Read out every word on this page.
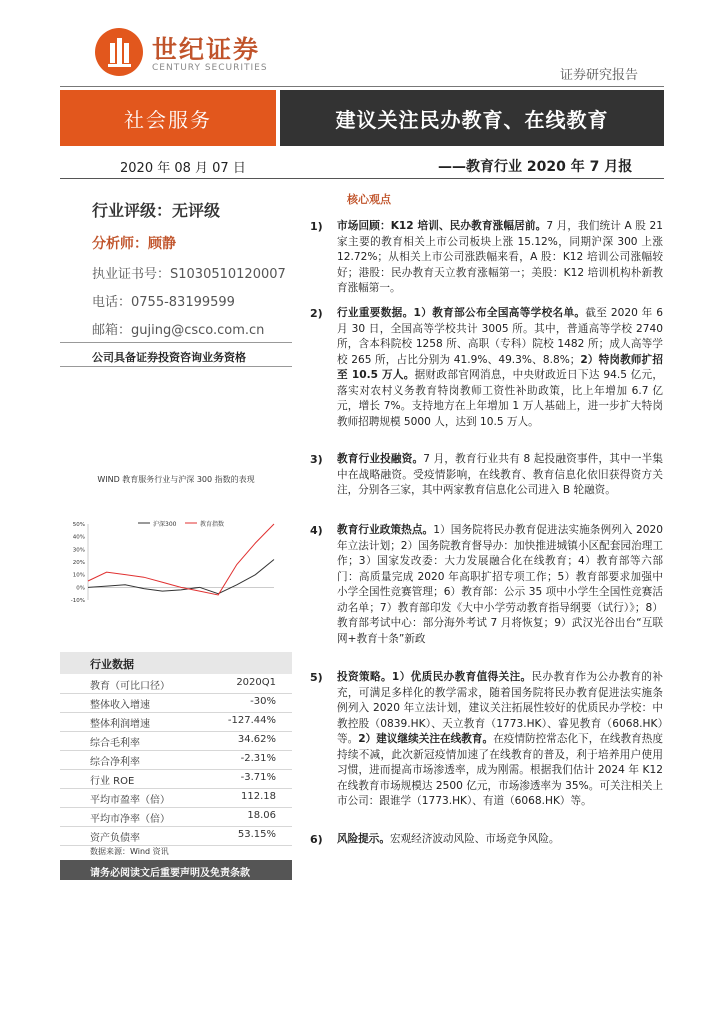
世纪证券
CENTURY SECURITIES	证券研究报告
社会服务	建议关注民办教育、在线教育
2020 年 08 月 07 日	——教育行业 2020 年 7 月报
行业评级：无评级
分析师：顾静
执业证书号：S1030510120007
电话：0755-83199599
邮箱：gujing@csco.com.cn
公司具备证券投资咨询业务资格
WIND 教育服务行业与沪深 300 指数的表现
50%
40%
30%
20%
10%
0%
-10%
沪深300	教育指数
行业数据
教育（可比口径）	2020Q1
整体收入增速	-30%
整体利润增速	-127.44%
综合毛利率	34.62%
综合净利率	-2.31%
行业 ROE	-3.71%
平均市盈率（倍）	112.18
平均市净率（倍）	18.06
资产负债率	53.15%
数据来源：Wind 资讯
请务必阅读文后重要声明及免责条款
核心观点
1) 市场回顾：K12 培训、民办教育涨幅居前。7 月，我们统计 A 股 21 家主要的教育相关上市公司板块上涨 15.12%，同期沪深 300 上涨 12.72%；从相关上市公司涨跌幅来看，A 股：K12 培训公司涨幅较好；港股：民办教育天立教育涨幅第一；美股：K12 培训机构朴新教育涨幅第一。
2) 行业重要数据。1）教育部公布全国高等学校名单。截至 2020 年 6 月 30 日，全国高等学校共计 3005 所。其中，普通高等学校 2740 所，含本科院校 1258 所、高职（专科）院校 1482 所；成人高等学校 265 所，占比分别为 41.9%、49.3%、8.8%；2）特岗教师扩招至 10.5 万人。据财政部官网消息，中央财政近日下达 94.5 亿元，落实对农村义务教育特岗教师工资性补助政策，比上年增加 6.7 亿元，增长 7%。支持地方在上年增加 1 万人基础上，进一步扩大特岗教师招聘规模 5000 人，达到 10.5 万人。
3) 教育行业投融资。7 月，教育行业共有 8 起投融资事件，其中一半集中在战略融资。受疫情影响，在线教育、教育信息化依旧获得资方关注，分别各三家，其中两家教育信息化公司进入 B 轮融资。
4) 教育行业政策热点。1）国务院将民办教育促进法实施条例列入 2020 年立法计划；2）国务院教育督导办：加快推进城镇小区配套园治理工作；3）国家发改委：大力发展融合化在线教育；4）教育部等六部门：高质量完成 2020 年高职扩招专项工作；5）教育部要求加强中小学全国性竞赛管理；6）教育部：公示 35 项中小学生全国性竞赛活动名单；7）教育部印发《大中小学劳动教育指导纲要（试行）》；8）教育部考试中心：部分海外考试 7 月将恢复；9）武汉光谷出台“互联网+教育十条”新政
5) 投资策略。1）优质民办教育值得关注。民办教育作为公办教育的补充，可满足多样化的教学需求，随着国务院将民办教育促进法实施条例列入 2020 年立法计划，建议关注拓展性较好的优质民办学校：中教控股（0839.HK）、天立教育（1773.HK）、睿见教育（6068.HK）等。2）建议继续关注在线教育。在疫情防控常态化下，在线教育热度持续不减，此次新冠疫情加速了在线教育的普及，利于培养用户使用习惯，进而提高市场渗透率，成为刚需。根据我们估计 2024 年 K12 在线教育市场规模达 2500 亿元，市场渗透率为 35%。可关注相关上市公司：跟谁学（1773.HK）、有道（6068.HK）等。
6) 风险提示。宏观经济波动风险、市场竞争风险。
